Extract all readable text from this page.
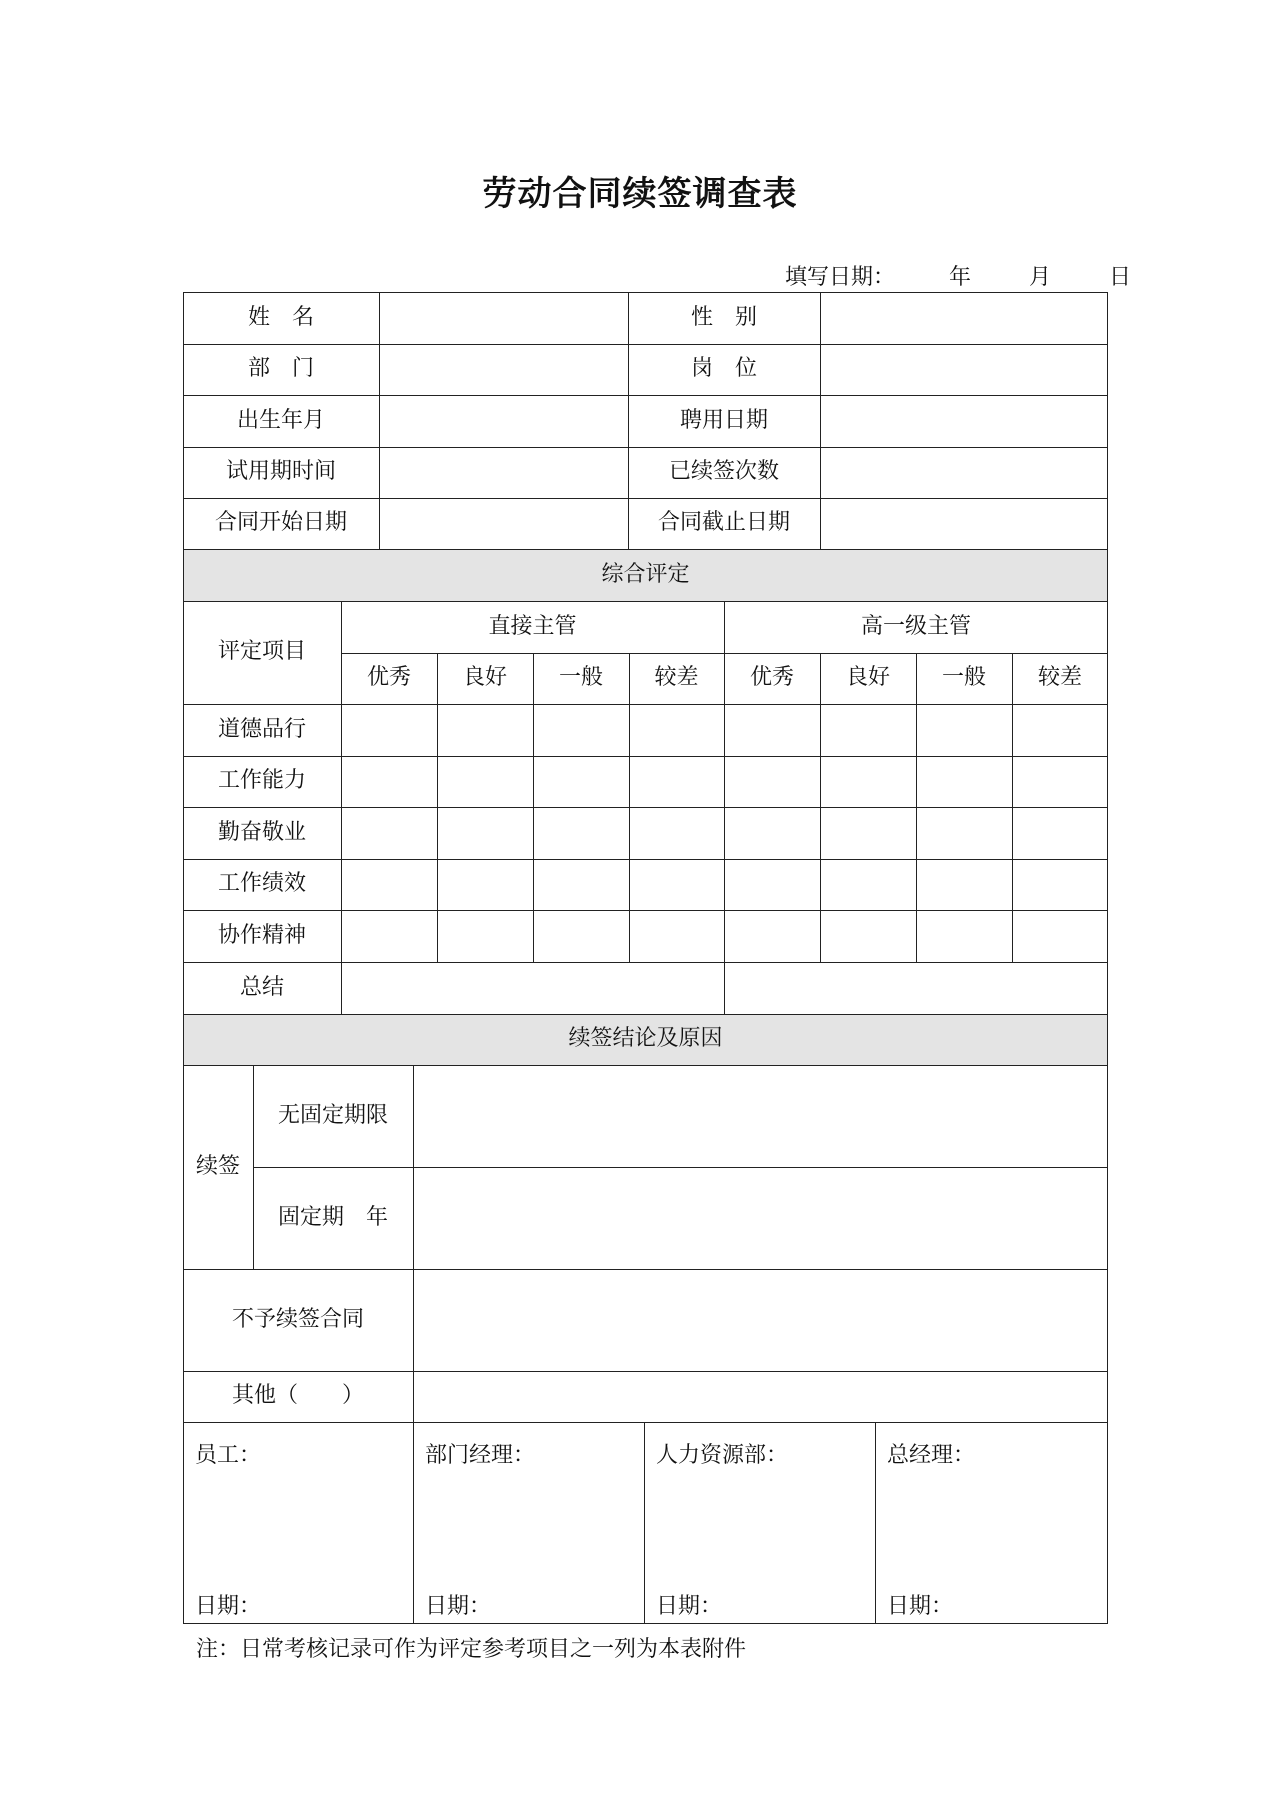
劳动合同续签调查表
填写日期： 年	月	日
综合评定
续签结论及原因
姓　名	性　别
部　门	岗　位
出生年月	聘用日期
试用期时间	已续签次数
合同开始日期	合同截止日期
评定项目
直接主管	高一级主管
优秀 良好 一般 较差 优秀 良好 一般 较差
道德品行
工作能力
勤奋敬业
工作绩效
协作精神
总结
续签
无固定期限
固定期　年
不予续签合同
其他（　　）
员工：	部门经理：	人力资源部：	总经理：
日期：	日期：	日期：	日期：
注：日常考核记录可作为评定参考项目之一列为本表附件
